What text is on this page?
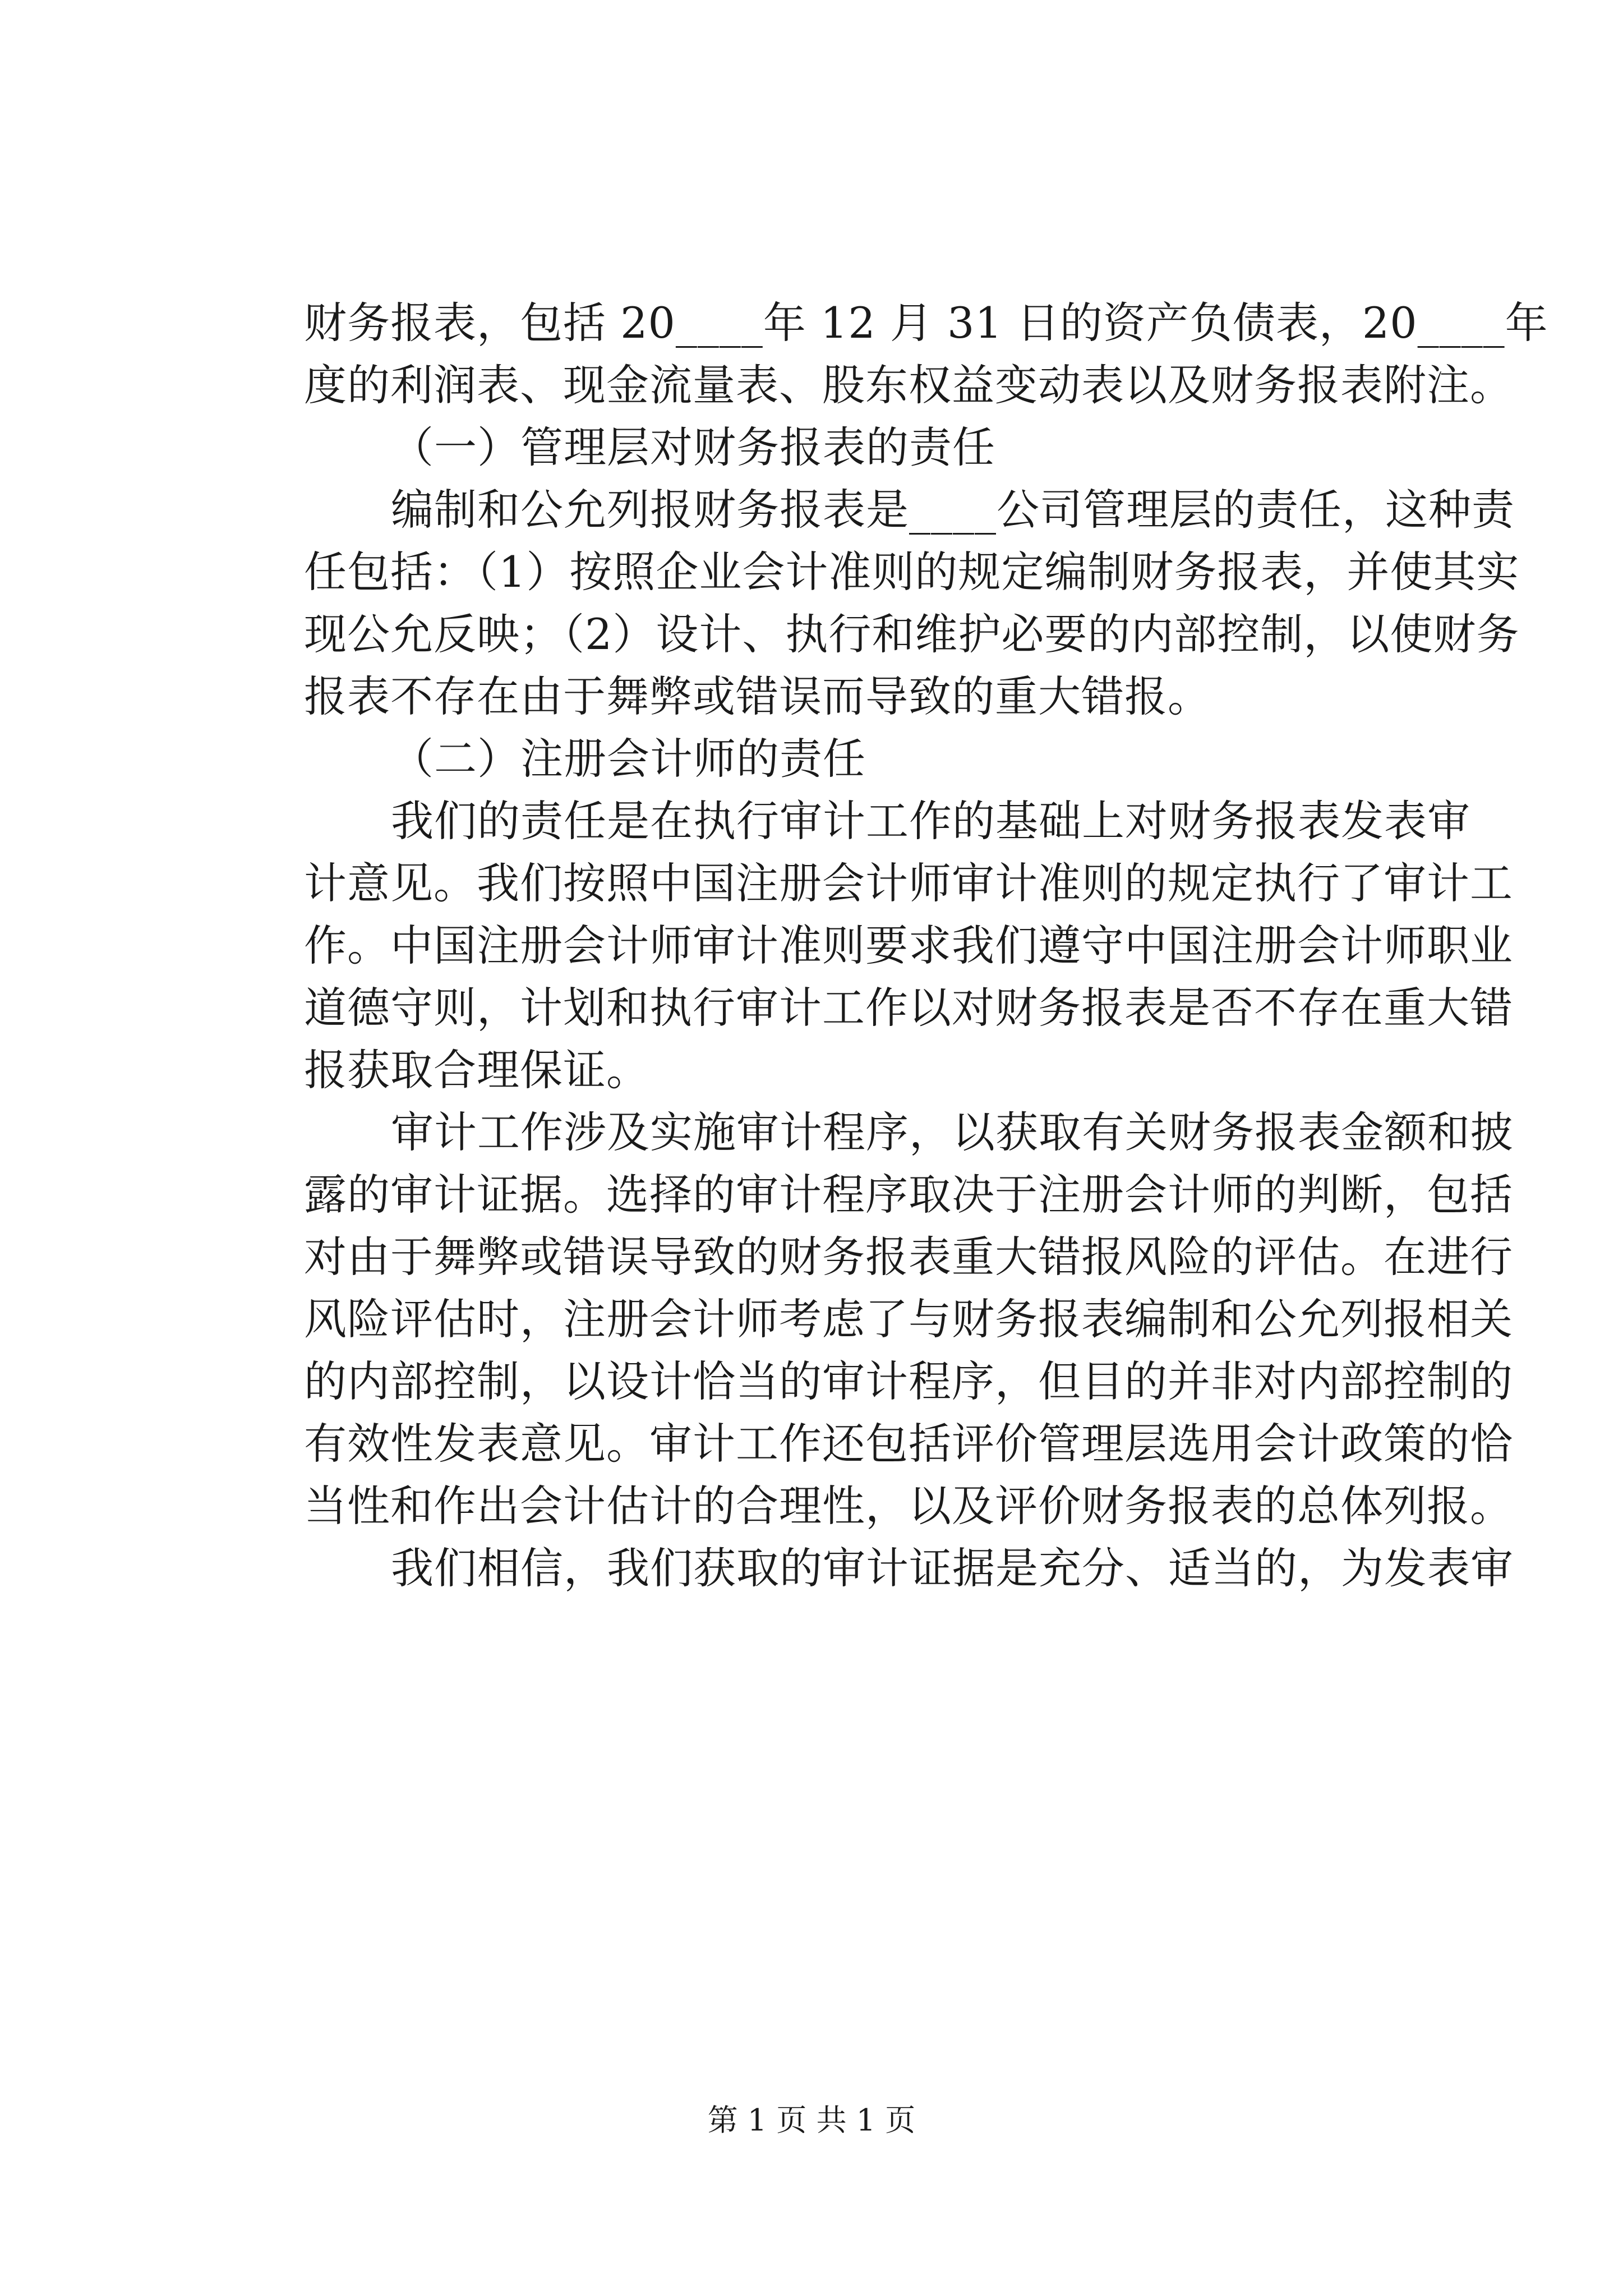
财务报表，包括 20____年 12 月 31 日的资产负债表，20____年
度的利润表、现金流量表、股东权益变动表以及财务报表附注。
（一）管理层对财务报表的责任
编制和公允列报财务报表是____公司管理层的责任，这种责
任包括：（1）按照企业会计准则的规定编制财务报表，并使其实
现公允反映；（2）设计、执行和维护必要的内部控制，以使财务
报表不存在由于舞弊或错误而导致的重大错报。
（二）注册会计师的责任
我们的责任是在执行审计工作的基础上对财务报表发表审
计意见。我们按照中国注册会计师审计准则的规定执行了审计工
作。中国注册会计师审计准则要求我们遵守中国注册会计师职业
道德守则，计划和执行审计工作以对财务报表是否不存在重大错
报获取合理保证。
审计工作涉及实施审计程序，以获取有关财务报表金额和披
露的审计证据。选择的审计程序取决于注册会计师的判断，包括
对由于舞弊或错误导致的财务报表重大错报风险的评估。在进行
风险评估时，注册会计师考虑了与财务报表编制和公允列报相关
的内部控制，以设计恰当的审计程序，但目的并非对内部控制的
有效性发表意见。审计工作还包括评价管理层选用会计政策的恰
当性和作出会计估计的合理性，以及评价财务报表的总体列报。
我们相信，我们获取的审计证据是充分、适当的，为发表审
第 1 页 共 1 页
